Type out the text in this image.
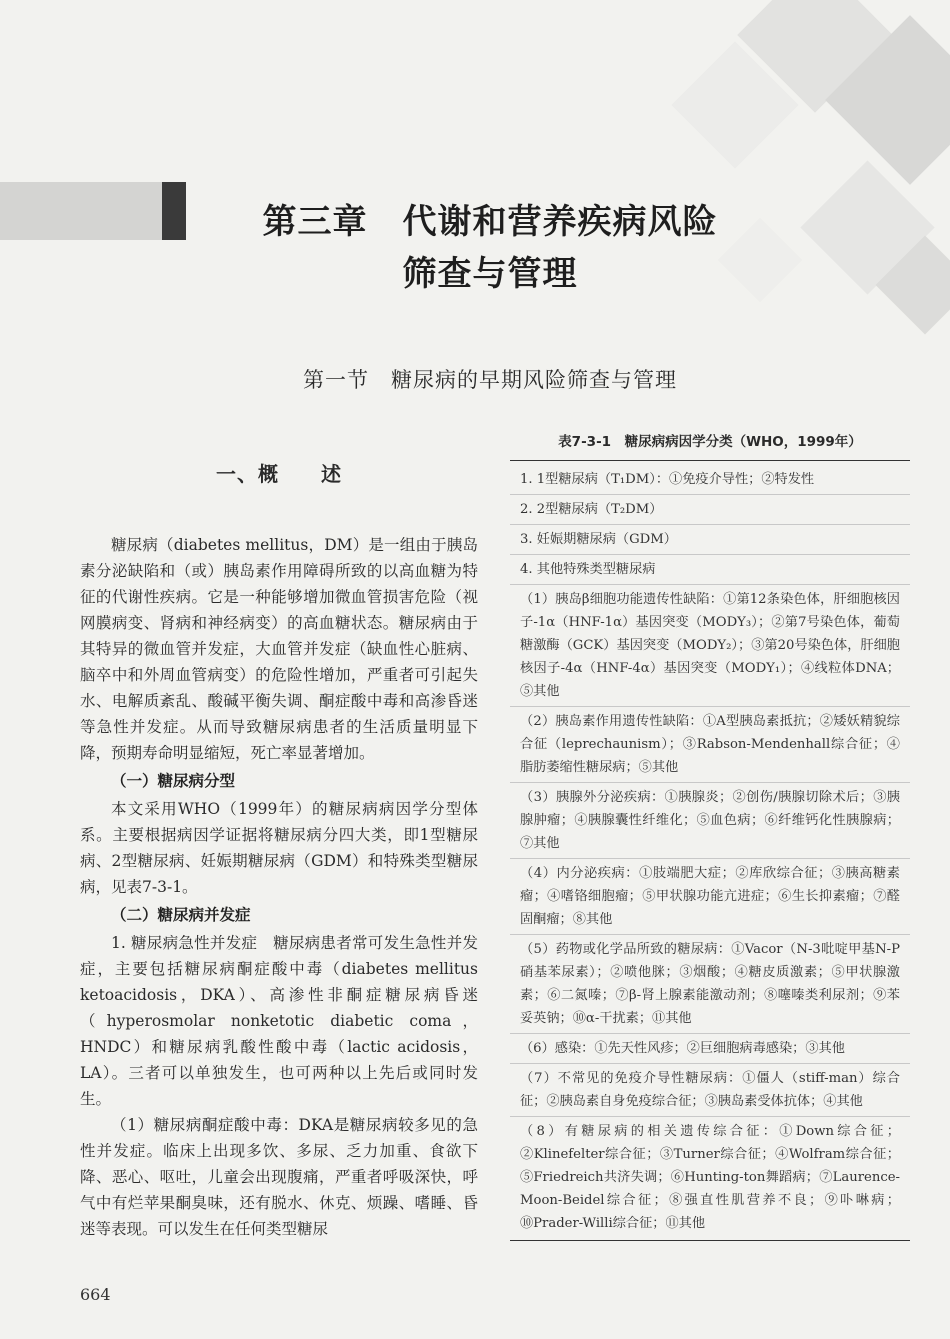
第三章　代谢和营养疾病风险
筛查与管理
第一节　糖尿病的早期风险筛查与管理
一、概　　述

糖尿病（diabetes mellitus，DM）是一组由于胰岛素分泌缺陷和（或）胰岛素作用障碍所致的以高血糖为特征的代谢性疾病。它是一种能够增加微血管损害危险（视网膜病变、肾病和神经病变）的高血糖状态。糖尿病由于其特异的微血管并发症，大血管并发症（缺血性心脏病、脑卒中和外周血管病变）的危险性增加，严重者可引起失水、电解质紊乱、酸碱平衡失调、酮症酸中毒和高渗昏迷等急性并发症。从而导致糖尿病患者的生活质量明显下降，预期寿命明显缩短，死亡率显著增加。

（一）糖尿病分型

本文采用WHO（1999年）的糖尿病病因学分型体系。主要根据病因学证据将糖尿病分四大类，即1型糖尿病、2型糖尿病、妊娠期糖尿病（GDM）和特殊类型糖尿病，见表7-3-1。

（二）糖尿病并发症

1. 糖尿病急性并发症　糖尿病患者常可发生急性并发症，主要包括糖尿病酮症酸中毒（diabetes mellitus ketoacidosis，DKA）、高渗性非酮症糖尿病昏迷（hyperosmolar nonketotic diabetic coma，HNDC）和糖尿病乳酸性酸中毒（lactic acidosis，LA）。三者可以单独发生，也可两种以上先后或同时发生。

（1）糖尿病酮症酸中毒：DKA是糖尿病较多见的急性并发症。临床上出现多饮、多尿、乏力加重、食欲下降、恶心、呕吐，儿童会出现腹痛，严重者呼吸深快，呼气中有烂苹果酮臭味，还有脱水、休克、烦躁、嗜睡、昏迷等表现。可以发生在任何类型糖尿

表7-3-1　糖尿病病因学分类（WHO，1999年）
1. 1型糖尿病（T₁DM）：①免疫介导性；②特发性
2. 2型糖尿病（T₂DM）
3. 妊娠期糖尿病（GDM）
4. 其他特殊类型糖尿病
（1）胰岛β细胞功能遗传性缺陷：①第12条染色体，肝细胞核因子-1α（HNF-1α）基因突变（MODY₃）；②第7号染色体，葡萄糖激酶（GCK）基因突变（MODY₂）；③第20号染色体，肝细胞核因子-4α（HNF-4α）基因突变（MODY₁）；④线粒体DNA；⑤其他
（2）胰岛素作用遗传性缺陷：①A型胰岛素抵抗；②矮妖精貌综合征（leprechaunism）；③Rabson-Mendenhall综合征；④脂肪萎缩性糖尿病；⑤其他
（3）胰腺外分泌疾病：①胰腺炎；②创伤/胰腺切除术后；③胰腺肿瘤；④胰腺囊性纤维化；⑤血色病；⑥纤维钙化性胰腺病；⑦其他
（4）内分泌疾病：①肢端肥大症；②库欣综合征；③胰高糖素瘤；④嗜铬细胞瘤；⑤甲状腺功能亢进症；⑥生长抑素瘤；⑦醛固酮瘤；⑧其他
（5）药物或化学品所致的糖尿病：①Vacor（N-3吡啶甲基N-P硝基苯尿素）；②喷他脒；③烟酸；④糖皮质激素；⑤甲状腺激素；⑥二氮嗪；⑦β-肾上腺素能激动剂；⑧噻嗪类利尿剂；⑨苯妥英钠；⑩α-干扰素；⑪其他
（6）感染：①先天性风疹；②巨细胞病毒感染；③其他
（7）不常见的免疫介导性糖尿病：①僵人（stiff-man）综合征；②胰岛素自身免疫综合征；③胰岛素受体抗体；④其他
（8）有糖尿病的相关遗传综合征：①Down综合征；②Klinefelter综合征；③Turner综合征；④Wolfram综合征；⑤Friedreich共济失调；⑥Hunting-ton舞蹈病；⑦Laurence-Moon-Beidel综合征；⑧强直性肌营养不良；⑨卟啉病；⑩Prader-Willi综合征；⑪其他
664
